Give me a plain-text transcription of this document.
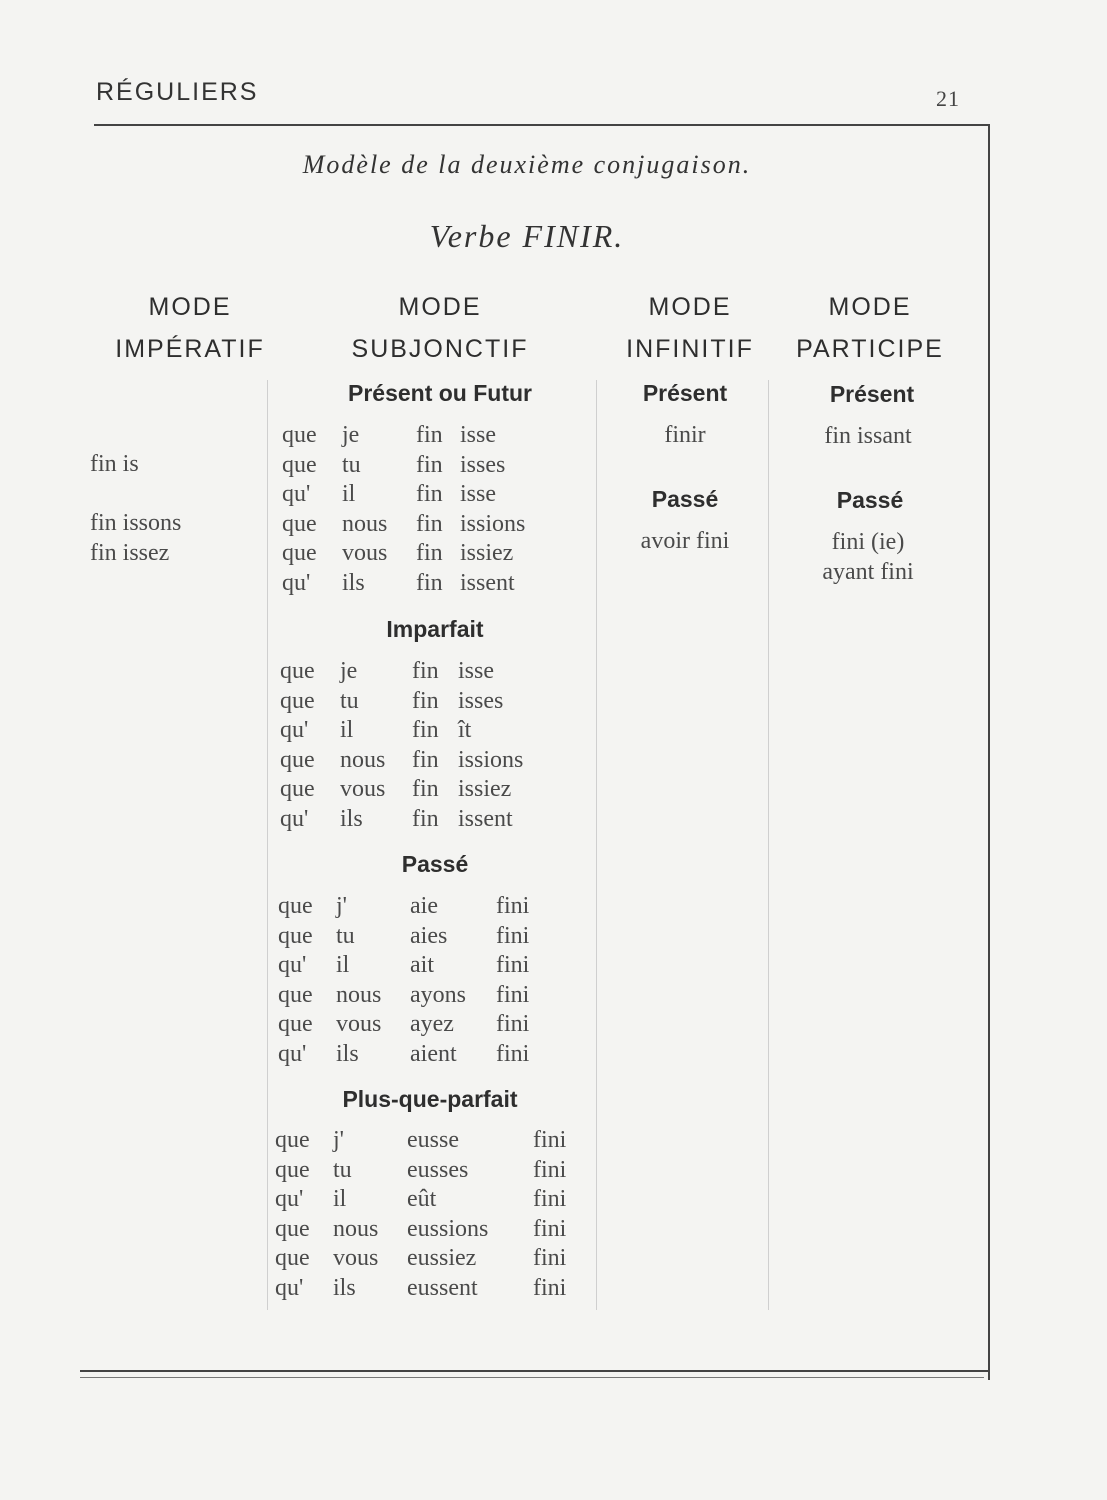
RÉGULIERS	21
Modèle de la deuxième conjugaison.
Verbe FINIR.
MODE
IMPÉRATIF
MODE
SUBJONCTIF
MODE
INFINITIF
MODE
PARTICIPE
fin is
fin issons
fin issez
Présent ou Futur
Imparfait
Passé
Plus-que-parfait
que je fin isse
que tu fin isses
qu' il	fin isse
que nous fin issions
que vous fin issiez
qu' ils fin issent
que je fin isse
que tu fin isses
qu' il fin ît
que nous fin issions
que vous fin issiez
qu' ils fin issent
que j'	aie fini
que tu aies fini
qu' il	ait	fini
que nous ayons fini
que vous ayez fini
qu' ils aient fini
que j'	eusse	fini
que tu eusses	fini
qu' il	eût	fini
que nous eussions fini
que vous eussiez fini
qu' ils eussent fini
Présent
finir
Passé
avoir fini
Présent
fin issant
Passé
fini (ie)
ayant fini
